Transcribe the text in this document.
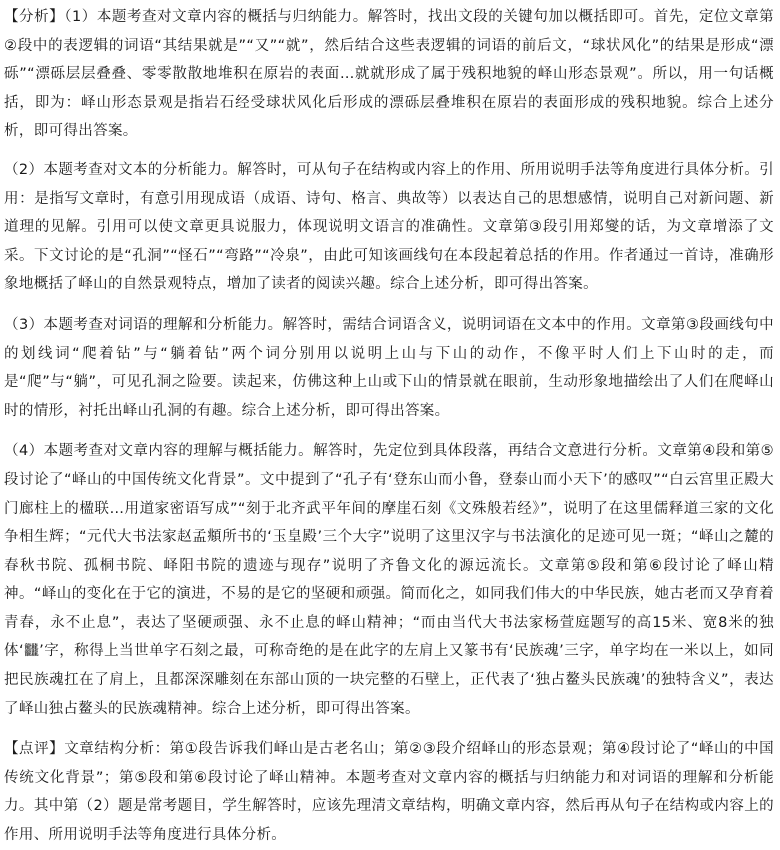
【分析】（1）本题考查对文章内容的概括与归纳能力。解答时，找出文段的关键句加以概括即可。首先，定位文章第②段中的表逻辑的词语“其结果就是”“又”“就”，然后结合这些表逻辑的词语的前后文，“球状风化”的结果是形成“漂砾”“漂砾层层叠叠、零零散散地堆积在原岩的表面…就就形成了属于残积地貌的峄山形态景观”。所以，用一句话概括，即为：峄山形态景观是指岩石经受球状风化后形成的漂砾层叠堆积在原岩的表面形成的残积地貌。综合上述分析，即可得出答案。

（2）本题考查对文本的分析能力。解答时，可从句子在结构或内容上的作用、所用说明手法等角度进行具体分析。引用：是指写文章时，有意引用现成语（成语、诗句、格言、典故等）以表达自己的思想感情，说明自己对新问题、新道理的见解。引用可以使文章更具说服力，体现说明文语言的准确性。文章第③段引用郑燮的话，为文章增添了文采。下文讨论的是“孔洞”“怪石”“弯路”“冷泉”，由此可知该画线句在本段起着总括的作用。作者通过一首诗，准确形象地概括了峄山的自然景观特点，增加了读者的阅读兴趣。综合上述分析，即可得出答案。

（3）本题考查对词语的理解和分析能力。解答时，需结合词语含义，说明词语在文本中的作用。文章第③段画线句中的划线词“爬着钻”与“躺着钻”两个词分别用以说明上山与下山的动作，不像平时人们上下山时的走，而是“爬”与“躺”，可见孔洞之险要。读起来，仿佛这种上山或下山的情景就在眼前，生动形象地描绘出了人们在爬峄山时的情形，衬托出峄山孔洞的有趣。综合上述分析，即可得出答案。

（4）本题考查对文章内容的理解与概括能力。解答时，先定位到具体段落，再结合文意进行分析。文章第④段和第⑤段讨论了“峄山的中国传统文化背景”。文中提到了“孔子有‘登东山而小鲁，登泰山而小天下’的感叹”“白云宫里正殿大门廊柱上的楹联…用道家密语写成”“刻于北齐武平年间的摩崖石刻《文殊般若经》”，说明了在这里儒释道三家的文化争相生辉；“元代大书法家赵孟頫所书的‘玉皇殿’三个大字”说明了这里汉字与书法演化的足迹可见一斑；“峄山之麓的春秋书院、孤桐书院、峄阳书院的遗迹与现存”说明了齐鲁文化的源远流长。文章第⑤段和第⑥段讨论了峄山精神。“峄山的变化在于它的演进，不易的是它的坚硬和顽强。简而化之，如同我们伟大的中华民族，她古老而又孕育着青春，永不止息”，表达了坚硬顽强、永不止息的峄山精神；“而由当代大书法家杨萱庭题写的高15米、宽8米的独体‘𪚥’字，称得上当世单字石刻之最，可称奇绝的是在此字的左肩上又篆书有‘民族魂’三字，单字均在一米以上，如同把民族魂扛在了肩上，且都深深雕刻在东部山顶的一块完整的石壁上，正代表了‘独占鳌头民族魂’的独特含义”，表达了峄山独占鳌头的民族魂精神。综合上述分析，即可得出答案。

【点评】文章结构分析：第①段告诉我们峄山是古老名山；第②③段介绍峄山的形态景观；第④段讨论了“峄山的中国传统文化背景”；第⑤段和第⑥段讨论了峄山精神。本题考查对文章内容的概括与归纳能力和对词语的理解和分析能力。其中第（2）题是常考题目，学生解答时，应该先理清文章结构，明确文章内容，然后再从句子在结构或内容上的作用、所用说明手法等角度进行具体分析。
